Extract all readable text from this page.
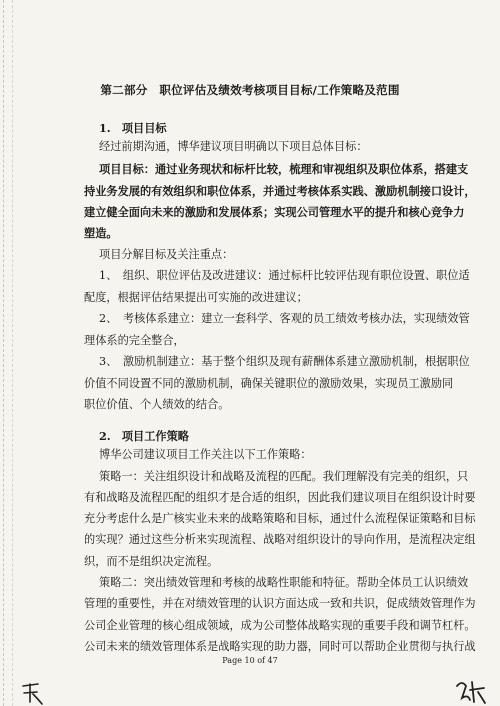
第二部分　职位评估及绩效考核项目目标/工作策略及范围
1.　项目目标
经过前期沟通，博华建议项目明确以下项目总体目标：
项目目标：通过业务现状和标杆比较，梳理和审视组织及职位体系，搭建支
持业务发展的有效组织和职位体系，并通过考核体系实践、激励机制接口设计，
建立健全面向未来的激励和发展体系；实现公司管理水平的提升和核心竞争力
塑造。
项目分解目标及关注重点：
1、　组织、职位评估及改进建议：通过标杆比较评估现有职位设置、职位适
配度，根据评估结果提出可实施的改进建议；
2、　考核体系建立：建立一套科学、客观的员工绩效考核办法，实现绩效管
理体系的完全整合，
3、　激励机制建立：基于整个组织及现有薪酬体系建立激励机制，根据职位
价值不同设置不同的激励机制，确保关键职位的激励效果，实现员工激励同
职位价值、个人绩效的结合。
2.　项目工作策略
博华公司建议项目工作关注以下工作策略：
策略一：关注组织设计和战略及流程的匹配。我们理解没有完美的组织，只
有和战略及流程匹配的组织才是合适的组织，因此我们建议项目在组织设计时要
充分考虑什么是广核实业未来的战略策略和目标，通过什么流程保证策略和目标
的实现？通过这些分析来实现流程、战略对组织设计的导向作用，是流程决定组
织，而不是组织决定流程。
策略二：突出绩效管理和考核的战略性职能和特征。帮助全体员工认识绩效
管理的重要性，并在对绩效管理的认识方面达成一致和共识，促成绩效管理作为
公司企业管理的核心组成领域，成为公司整体战略实现的重要手段和调节杠杆。
公司未来的绩效管理体系是战略实现的助力器，同时可以帮助企业贯彻与执行战
Page 10 of 47
